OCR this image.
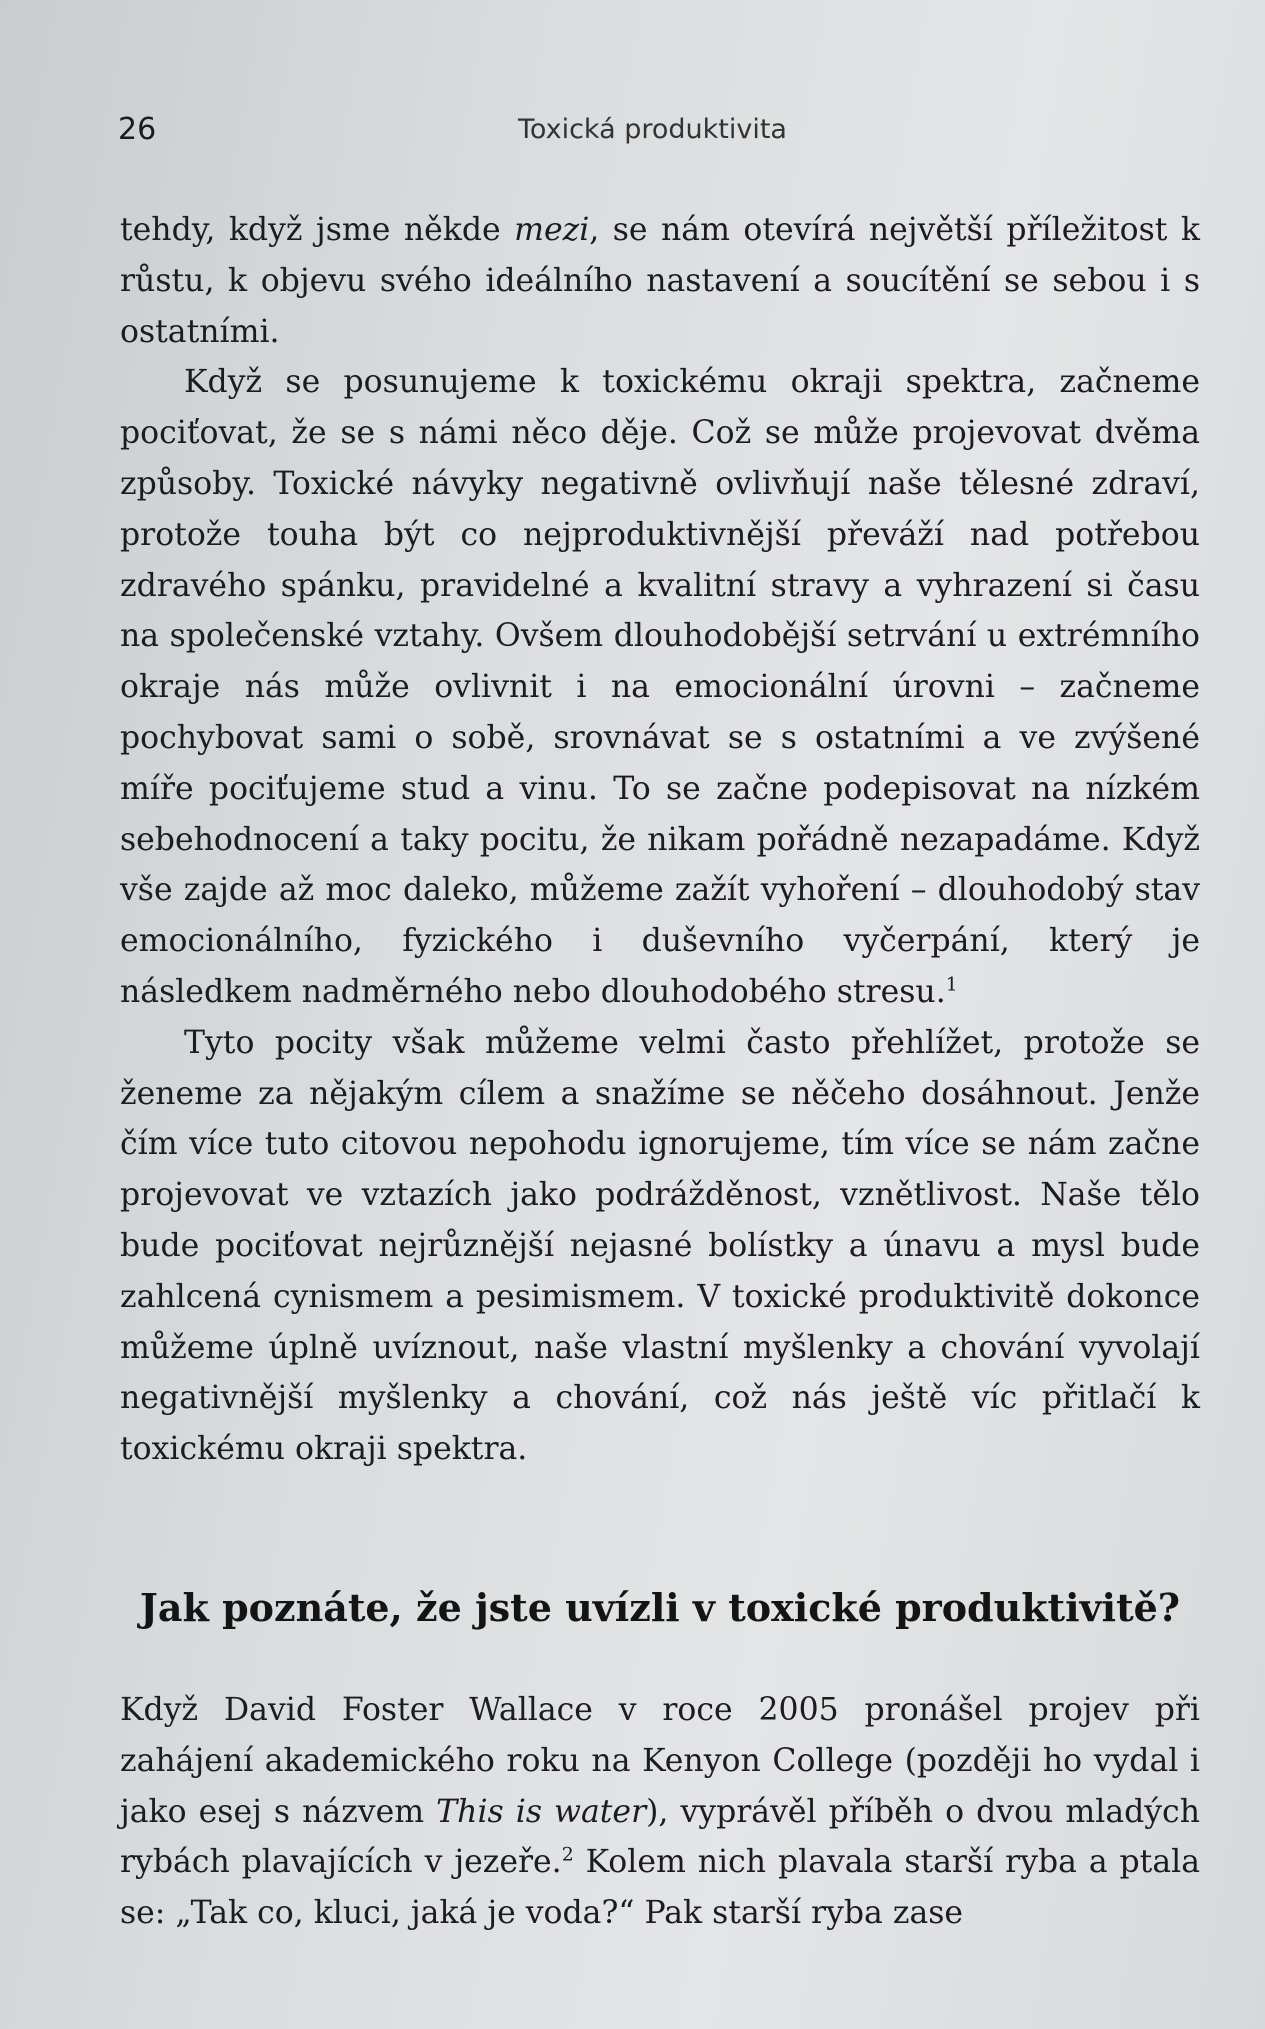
26	Toxická produktivita

tehdy, když jsme někde mezi, se nám otevírá největší příležitost k růstu, k objevu svého ideálního nastavení a soucítění se sebou i s ostatními.

Když se posunujeme k toxickému okraji spektra, začneme pociťovat, že se s námi něco děje. Což se může projevovat dvěma způsoby. Toxické návyky negativně ovlivňují naše tělesné zdraví, protože touha být co nejproduktivnější převáží nad potřebou zdravého spánku, pravidelné a kvalitní stravy a vyhrazení si času na společenské vztahy. Ovšem dlouhodobější setrvání u extrémního okraje nás může ovlivnit i na emocionální úrovni – začneme pochybovat sami o sobě, srovnávat se s ostatními a ve zvýšené míře pociťujeme stud a vinu. To se začne podepisovat na nízkém sebehodnocení a taky pocitu, že nikam pořádně nezapadáme. Když vše zajde až moc daleko, můžeme zažít vyhoření – dlouhodobý stav emocionálního, fyzického i duševního vyčerpání, který je následkem nadměrného nebo dlouhodobého stresu.$^1$

Tyto pocity však můžeme velmi často přehlížet, protože se ženeme za nějakým cílem a snažíme se něčeho dosáhnout. Jenže čím více tuto citovou nepohodu ignorujeme, tím více se nám začne projevovat ve vztazích jako podrážděnost, vznětlivost. Naše tělo bude pociťovat nejrůznější nejasné bolístky a únavu a mysl bude zahlcená cynismem a pesimismem. V toxické produktivitě dokonce můžeme úplně uvíznout, naše vlastní myšlenky a chování vyvolají negativnější myšlenky a chování, což nás ještě víc přitlačí k toxickému okraji spektra.

Jak poznáte, že jste uvízli v toxické produktivitě?

Když David Foster Wallace v roce 2005 pronášel projev při zahájení akademického roku na Kenyon College (později ho vydal i jako esej s názvem This is water), vyprávěl příběh o dvou mladých rybách plavajících v jezeře.$^2$ Kolem nich plavala starší ryba a ptala se: „Tak co, kluci, jaká je voda?“ Pak starší ryba zase
